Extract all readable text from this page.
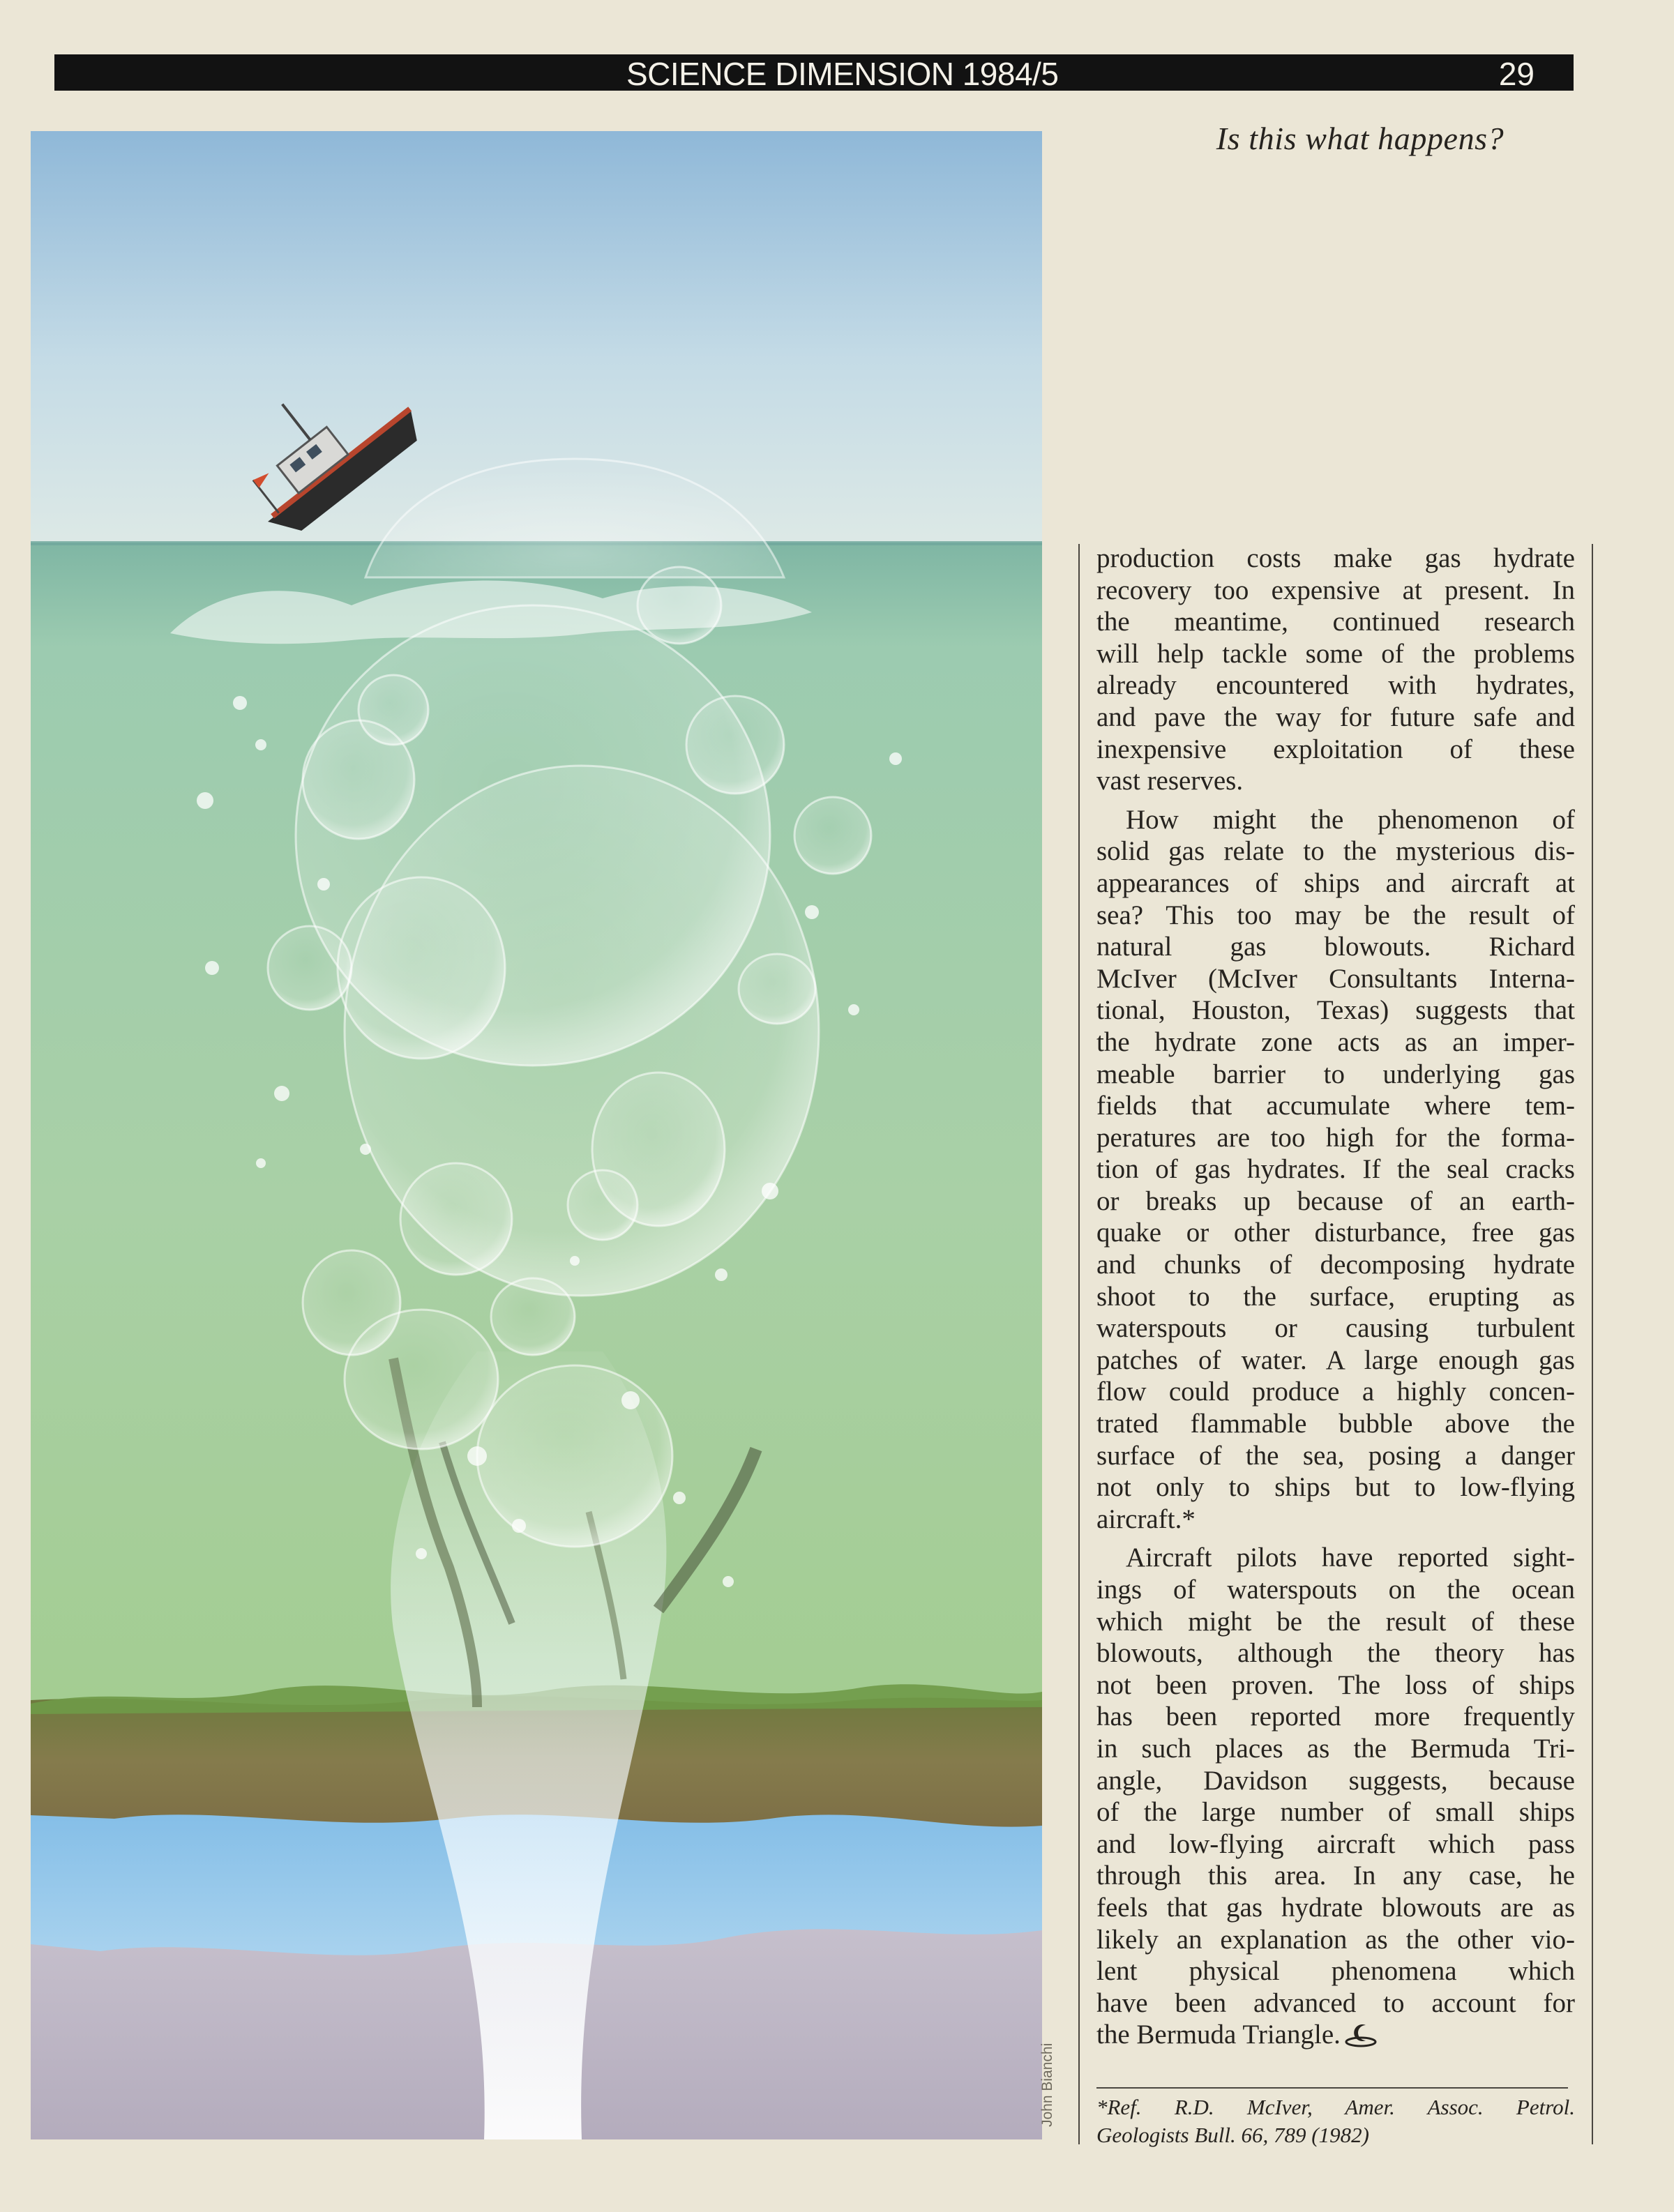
SCIENCE DIMENSION 1984/5	29
Is this what happens?
John Bianchi
production costs make gas hydrate
recovery too expensive at present. In
the meantime, continued research
will help tackle some of the problems
already encountered with hydrates,
and pave the way for future safe and
inexpensive exploitation of these
vast reserves.
How might the phenomenon of
solid gas relate to the mysterious dis-
appearances of ships and aircraft at
sea? This too may be the result of
natural gas blowouts. Richard
McIver (McIver Consultants Interna-
tional, Houston, Texas) suggests that
the hydrate zone acts as an imper-
meable barrier to underlying gas
fields that accumulate where tem-
peratures are too high for the forma-
tion of gas hydrates. If the seal cracks
or breaks up because of an earth-
quake or other disturbance, free gas
and chunks of decomposing hydrate
shoot to the surface, erupting as
waterspouts or causing turbulent
patches of water. A large enough gas
flow could produce a highly concen-
trated flammable bubble above the
surface of the sea, posing a danger
not only to ships but to low-flying
aircraft.*
Aircraft pilots have reported sight-
ings of waterspouts on the ocean
which might be the result of these
blowouts, although the theory has
not been proven. The loss of ships
has been reported more frequently
in such places as the Bermuda Tri-
angle, Davidson suggests, because
of the large number of small ships
and low-flying aircraft which pass
through this area. In any case, he
feels that gas hydrate blowouts are as
likely an explanation as the other vio-
lent physical phenomena which
have been advanced to account for
the Bermuda Triangle.
*Ref. R.D. McIver, Amer. Assoc. Petrol.
Geologists Bull. 66, 789 (1982)
